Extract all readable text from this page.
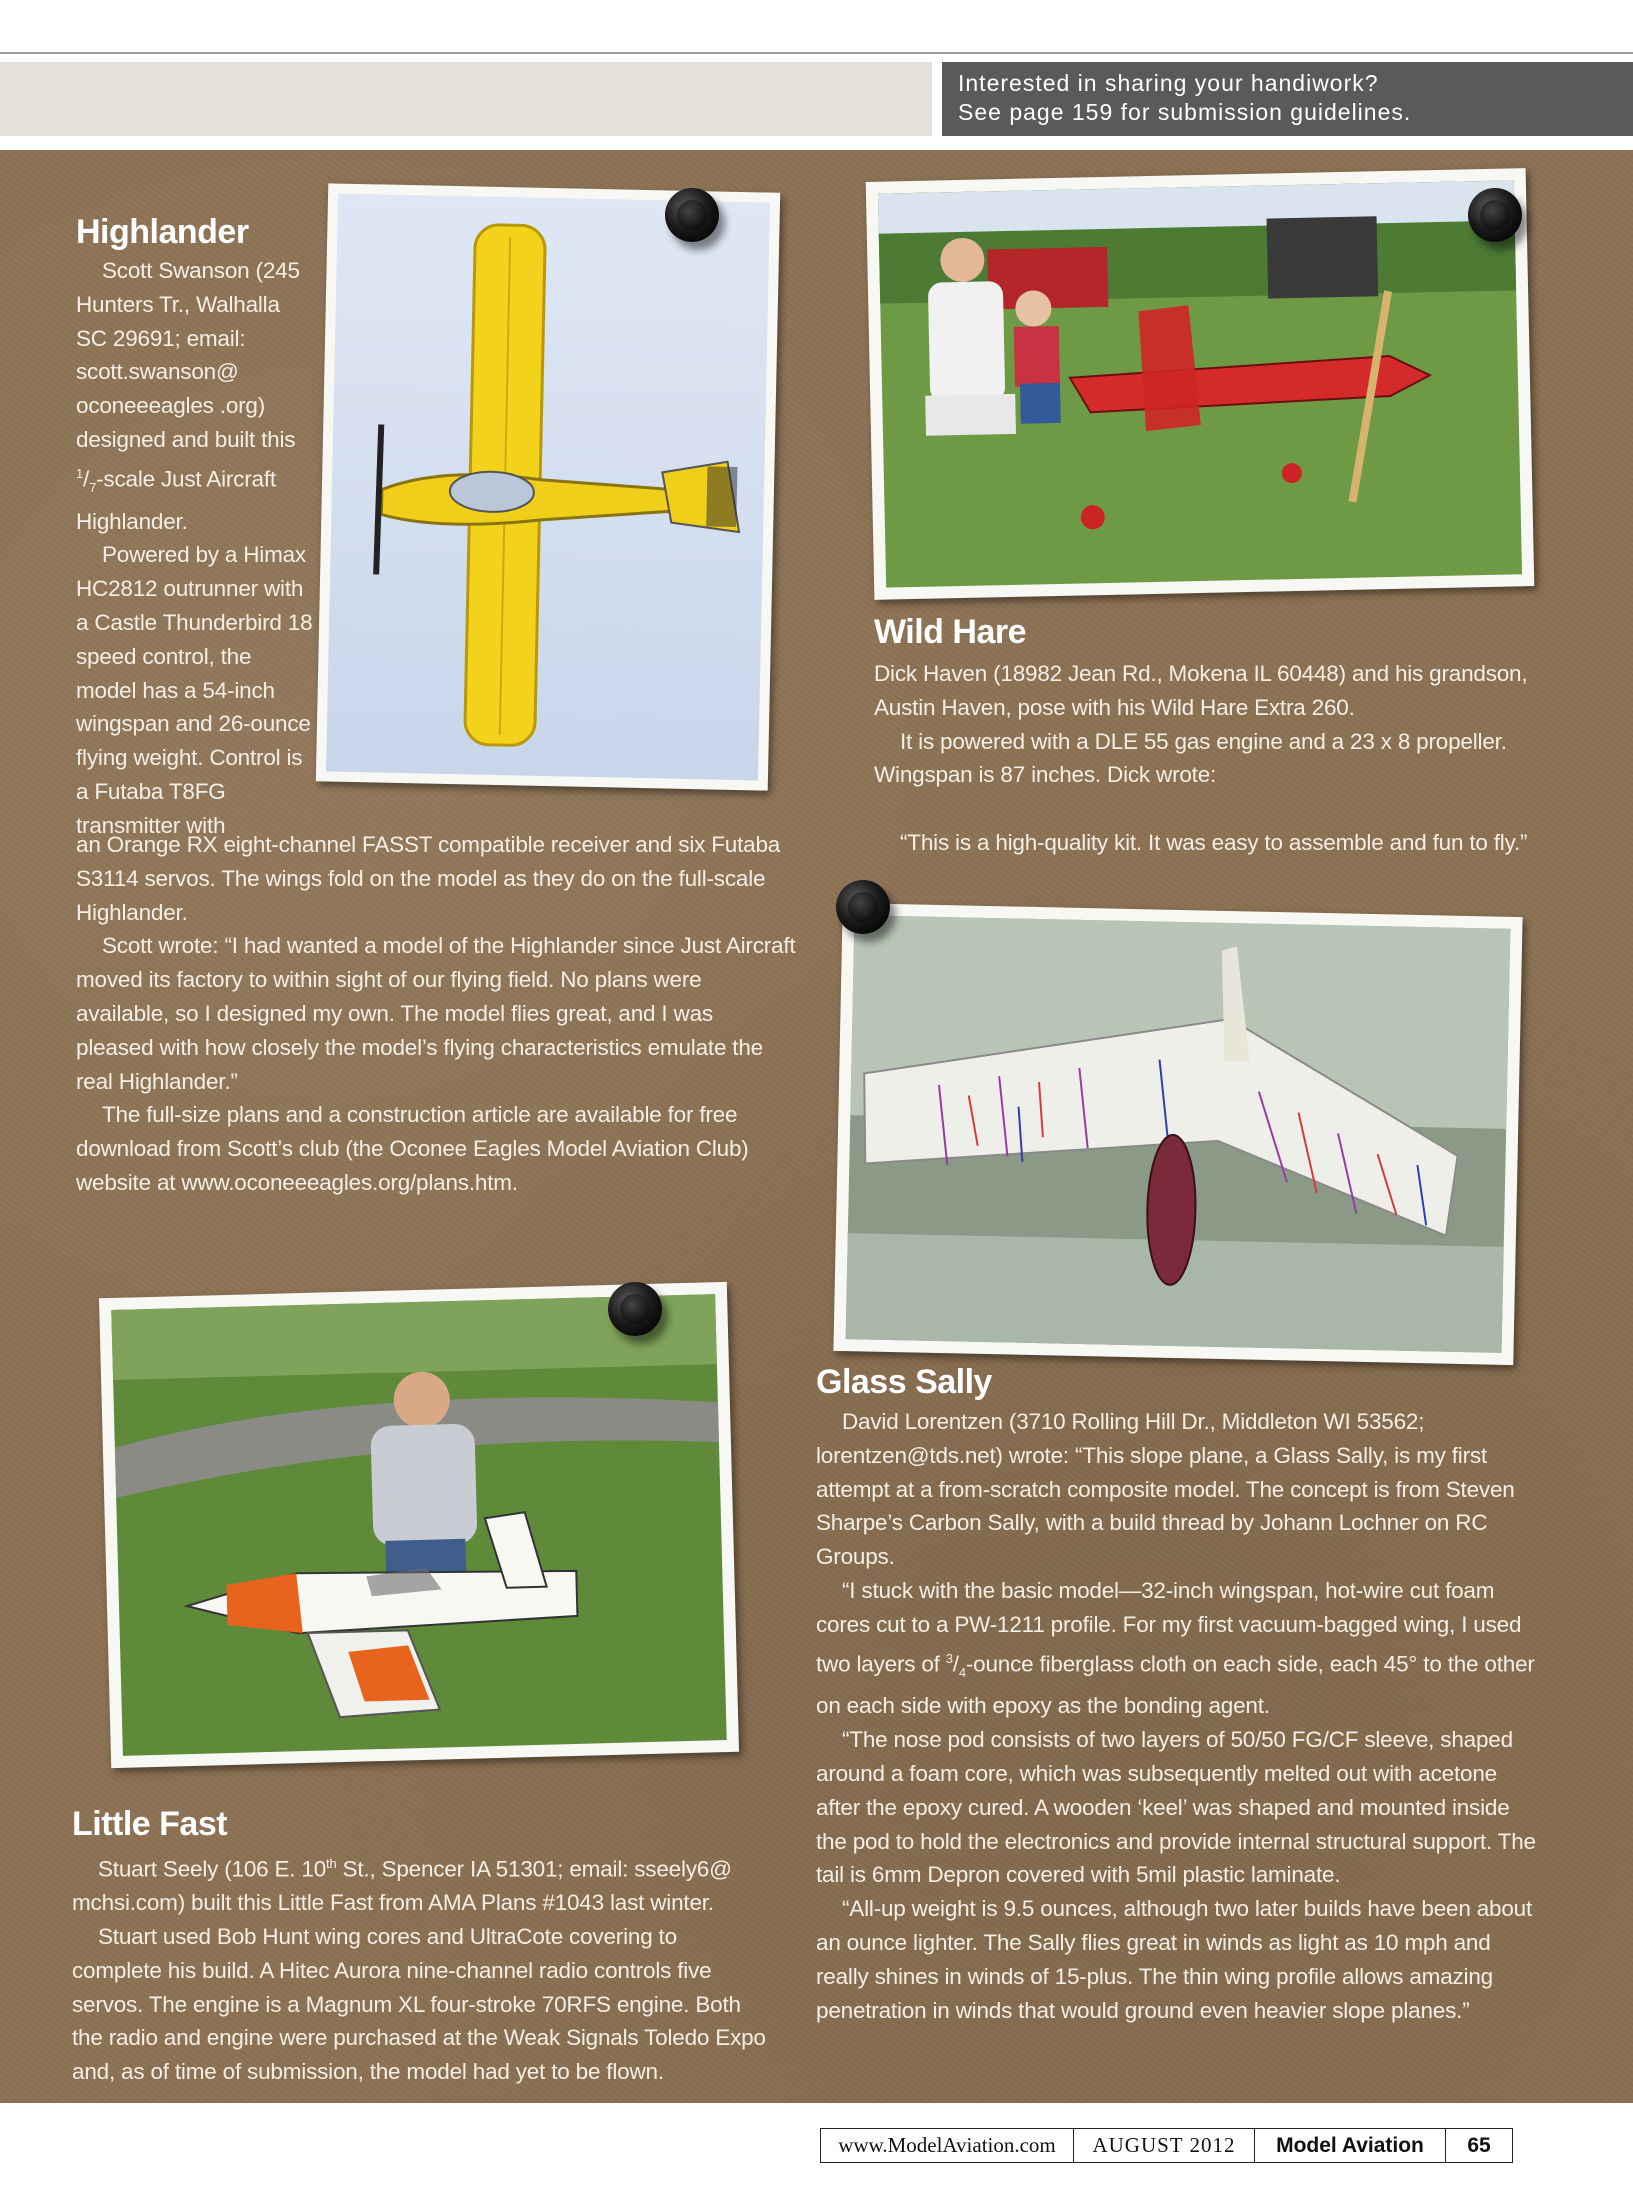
Interested in sharing your handiwork?
See page 159 for submission guidelines.
Highlander

Scott Swanson (245 Hunters Tr., Walhalla SC 29691; email: scott.swanson@ oconeeeagles .org) designed and built this $^1/_7$-scale Just Aircraft Highlander.

Powered by a Himax HC2812 outrunner with a Castle Thunderbird 18 speed control, the model has a 54-inch wingspan and 26-ounce flying weight. Control is a Futaba T8FG transmitter with

an Orange RX eight-channel FASST compatible receiver and six Futaba S3114 servos. The wings fold on the model as they do on the full-scale Highlander.

Scott wrote: “I had wanted a model of the Highlander since Just Aircraft moved its factory to within sight of our flying field. No plans were available, so I designed my own. The model flies great, and I was pleased with how closely the model’s flying characteristics emulate the real Highlander.”

The full-size plans and a construction article are available for free download from Scott’s club (the Oconee Eagles Model Aviation Club) website at www.oconeeeagles.org/plans.htm.

Wild Hare

Dick Haven (18982 Jean Rd., Mokena IL 60448) and his grandson, Austin Haven, pose with his Wild Hare Extra 260.

It is powered with a DLE 55 gas engine and a 23 x 8 propeller. Wingspan is 87 inches. Dick wrote:

“This is a high-quality kit. It was easy to assemble and fun to fly.”

Glass Sally

David Lorentzen (3710 Rolling Hill Dr., Middleton WI 53562; lorentzen@tds.net) wrote: “This slope plane, a Glass Sally, is my first attempt at a from-scratch composite model. The concept is from Steven Sharpe’s Carbon Sally, with a build thread by Johann Lochner on RC Groups.

“I stuck with the basic model—32-inch wingspan, hot-wire cut foam cores cut to a PW-1211 profile. For my first vacuum-bagged wing, I used two layers of $^3/_4$-ounce fiberglass cloth on each side, each 45° to the other on each side with epoxy as the bonding agent.

“The nose pod consists of two layers of 50/50 FG/CF sleeve, shaped around a foam core, which was subsequently melted out with acetone after the epoxy cured. A wooden ‘keel’ was shaped and mounted inside the pod to hold the electronics and provide internal structural support. The tail is 6mm Depron covered with 5mil plastic laminate.

“All-up weight is 9.5 ounces, although two later builds have been about an ounce lighter. The Sally flies great in winds as light as 10 mph and really shines in winds of 15-plus. The thin wing profile allows amazing penetration in winds that would ground even heavier slope planes.”

Little Fast

Stuart Seely (106 E. 10th St., Spencer IA 51301; email: sseely6@ mchsi.com) built this Little Fast from AMA Plans #1043 last winter.

Stuart used Bob Hunt wing cores and UltraCote covering to complete his build. A Hitec Aurora nine-channel radio controls five servos. The engine is a Magnum XL four-stroke 70RFS engine. Both the radio and engine were purchased at the Weak Signals Toledo Expo and, as of time of submission, the model had yet to be flown.

www.ModelAviation.com	AUGUST 2012	Model Aviation	65
